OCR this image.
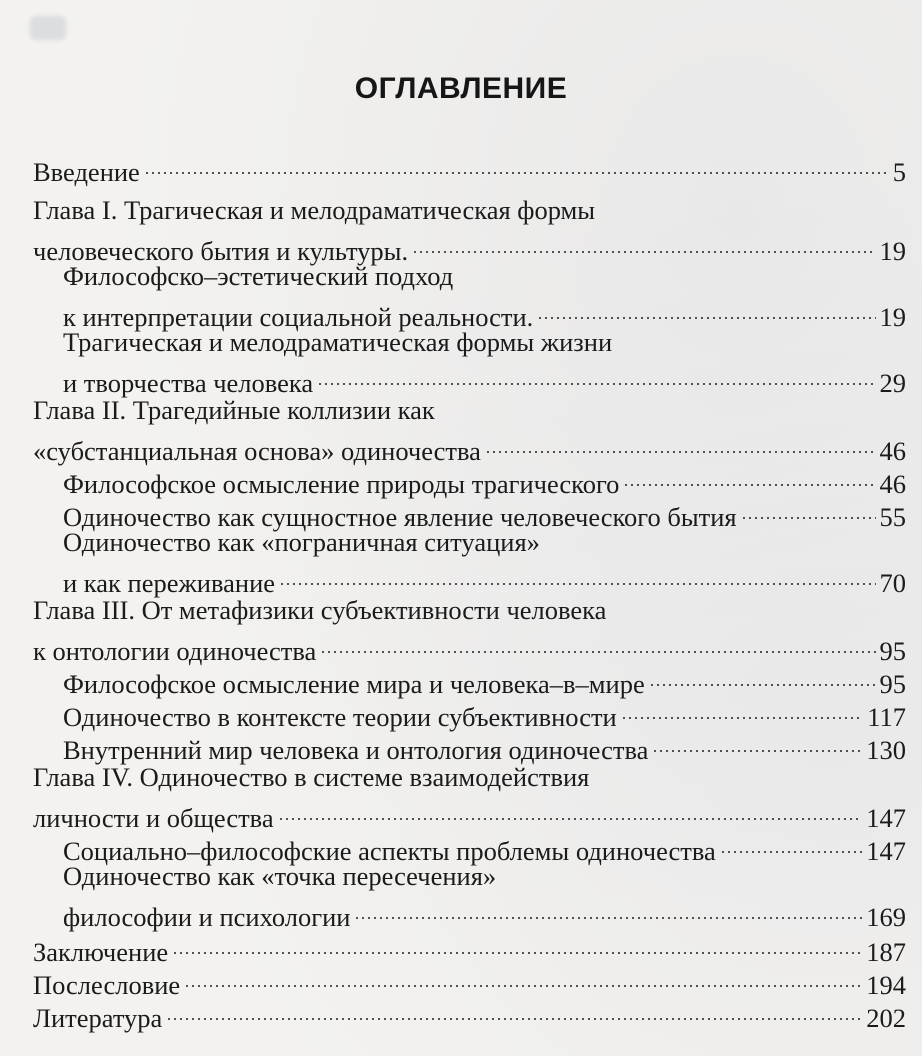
ОГЛАВЛЕНИЕ
Введение	5
Глава I. Трагическая и мелодраматическая формы
человеческого бытия и культуры.	19
Философско–эстетический подход
к интерпретации социальной реальности.	19
Трагическая и мелодраматическая формы жизни
и творчества человека	29
Глава II. Трагедийные коллизии как
«субстанциальная основа» одиночества	46
Философское осмысление природы трагического	46
Одиночество как сущностное явление человеческого бытия	55
Одиночество как «пограничная ситуация»
и как переживание	70
Глава III. От метафизики субъективности человека
к онтологии одиночества	95
Философское осмысление мира и человека–в–мире	95
Одиночество в контексте теории субъективности	117
Внутренний мир человека и онтология одиночества	130
Глава IV. Одиночество в системе взаимодействия
личности и общества	147
Социально–философские аспекты проблемы одиночества	147
Одиночество как «точка пересечения»
философии и психологии	169
Заключение	187
Послесловие	194
Литература	202
